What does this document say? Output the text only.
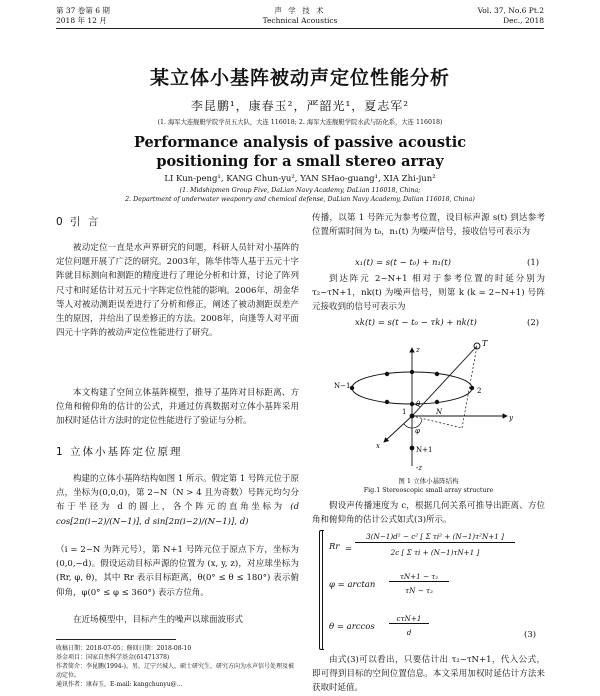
第 37 卷第 6 期
2018 年 12 月
声 学 技 术
Technical Acoustics
Vol. 37, No.6 Pt.2
Dec., 2018
某立体小基阵被动声定位性能分析
李昆鹏¹，康春玉²，严韶光¹，夏志军²
(1. 海军大连舰艇学院学员五大队，大连 116018; 2. 海军大连舰艇学院水武与防化系，大连 116018)
Performance analysis of passive acoustic positioning for a small stereo array
LI Kun-peng¹, KANG Chun-yu², YAN SHao-guang¹, XIA Zhi-jun²
(1. Midshipmen Group Five, DaLian Navy Academy, DaLian 116018, China;
2. Department of underwater weaponry and chemical defense, DaLian Navy Academy, Dalian 116018, China)
0 引 言
被动定位一直是水声界研究的问题，科研人员针对小基阵的定位问题开展了广泛的研究。2003年，陈华伟等人基于五元十字阵就目标测向和测距的精度进行了理论分析和计算，讨论了阵列尺寸和时延估计对五元十字阵定位性能的影响。2006年，胡金华等人对被动测距误差进行了分析和修正，阐述了被动测距误差产生的原因，并给出了误差修正的方法。2008年，向逢等人对平面四元十字阵的被动声定位性能进行了研究。
本文构建了空间立体基阵模型，推导了基阵对目标距离、方位角和俯仰角的估计的公式，并通过仿真数据对立体小基阵采用加权时延估计方法时的定位性能进行了验证与分析。
1 立体小基阵定位原理
构建的立体小基阵结构如图 1 所示。假定第 1 号阵元位于原点，坐标为(0,0,0)，第 2~N（N > 4 且为奇数）号阵元均匀分布于半径为 d 的圆上，各个阵元的直角坐标为 (d cos[2π(i−2)/(N−1)], d sin[2π(i−2)/(N−1)], d)
（i = 2~N 为阵元号），第 N+1 号阵元位于原点下方，坐标为 (0,0,−d)。假设运动目标声源的位置为 (x, y, z)，对应球坐标为 (Rr, φ, θ)，其中 Rr 表示目标距离，θ(0° ≤ θ ≤ 180°) 表示俯仰角，φ(0° ≤ φ ≤ 360°) 表示方位角。
在近场模型中，目标产生的噪声以球面波形式
收稿日期：2018-07-05；修回日期：2018-08-10
基金项目：国家自然科学基金(61471378)
作者简介：李昆鹏(1994-)，男，辽宁兴城人，硕士研究生，研究方向为水声信号处理及被动定位。
通讯作者：康春玉，E-mail: kangchunyu@…
传播，以第 1 号阵元为参考位置，设目标声源 s(t) 到达参考位置所需时间为 t₀，n₁(t) 为噪声信号，接收信号可表示为
x₁(t) = s(t − t₀) + n₁(t)	(1)
到达阵元 2~N+1 相对于参考位置的时延分别为 τ₂~τN+1，nk(t) 为噪声信号，则第 k (k = 2~N+1) 号阵元接收到的信号可表示为
xk(t) = s(t − t₀ − τk) + nk(t)	(2)
T
N−1
2
1
y
x
z
θ
φ
N
N+1
-z
图 1 立体小基阵结构
Fig.1 Stereoscopic small array structure
假设声传播速度为 c，根据几何关系可推导出距离、方位角和俯仰角的估计公式如式(3)所示。
Rr =
3(N−1)d² − c² [ Σ τi² + (N−1)τ²N+1 ]
2c [ Σ τi + (N−1)τN+1 ]
φ = arctan
τN+1 − τ₂
τN − τ₂
θ = arccos
cτN+1
d	(3)
由式(3)可以看出，只要估计出 τ₂~τN+1，代入公式，即可得到目标的空间位置信息。本文采用加权时延估计方法来获取时延值。
